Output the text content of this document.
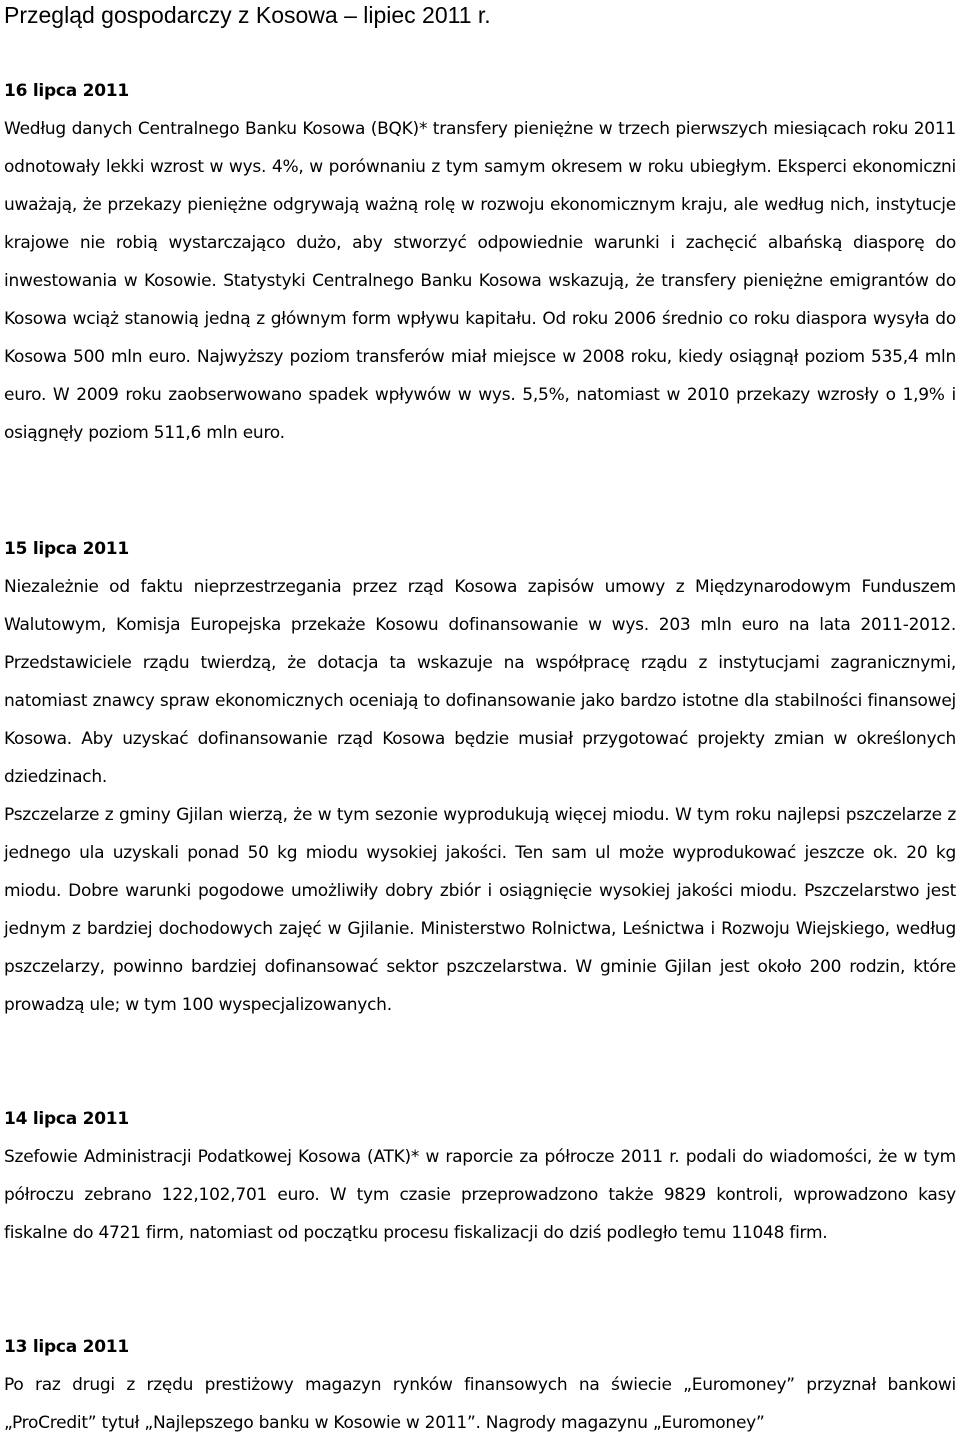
Przegląd gospodarczy z Kosowa – lipiec 2011 r.

16 lipca 2011

Według danych Centralnego Banku Kosowa (BQK)* transfery pieniężne w trzech pierwszych miesiącach roku 2011 odnotowały lekki wzrost w wys. 4%, w porównaniu z tym samym okresem w roku ubiegłym. Eksperci ekonomiczni uważają, że przekazy pieniężne odgrywają ważną rolę w rozwoju ekonomicznym kraju, ale według nich, instytucje krajowe nie robią wystarczająco dużo, aby stworzyć odpowiednie warunki i zachęcić albańską diasporę do inwestowania w Kosowie. Statystyki Centralnego Banku Kosowa wskazują, że transfery pieniężne emigrantów do Kosowa wciąż stanowią jedną z głównym form wpływu kapitału. Od roku 2006 średnio co roku diaspora wysyła do Kosowa 500 mln euro. Najwyższy poziom transferów miał miejsce w 2008 roku, kiedy osiągnął poziom 535,4 mln euro. W 2009 roku zaobserwowano spadek wpływów w wys. 5,5%, natomiast w 2010 przekazy wzrosły o 1,9% i osiągnęły poziom 511,6 mln euro.

15 lipca 2011

Niezależnie od faktu nieprzestrzegania przez rząd Kosowa zapisów umowy z Międzynarodowym Funduszem Walutowym, Komisja Europejska przekaże Kosowu dofinansowanie w wys. 203 mln euro na lata 2011-2012. Przedstawiciele rządu twierdzą, że dotacja ta wskazuje na współpracę rządu z instytucjami zagranicznymi, natomiast znawcy spraw ekonomicznych oceniają to dofinansowanie jako bardzo istotne dla stabilności finansowej Kosowa. Aby uzyskać dofinansowanie rząd Kosowa będzie musiał przygotować projekty zmian w określonych dziedzinach.

Pszczelarze z gminy Gjilan wierzą, że w tym sezonie wyprodukują więcej miodu. W tym roku najlepsi pszczelarze z jednego ula uzyskali ponad 50 kg miodu wysokiej jakości. Ten sam ul może wyprodukować jeszcze ok. 20 kg miodu. Dobre warunki pogodowe umożliwiły dobry zbiór i osiągnięcie wysokiej jakości miodu. Pszczelarstwo jest jednym z bardziej dochodowych zajęć w Gjilanie. Ministerstwo Rolnictwa, Leśnictwa i Rozwoju Wiejskiego, według pszczelarzy, powinno bardziej dofinansować sektor pszczelarstwa. W gminie Gjilan jest około 200 rodzin, które prowadzą ule; w tym 100 wyspecjalizowanych.

14 lipca 2011

Szefowie Administracji Podatkowej Kosowa (ATK)* w raporcie za półrocze 2011 r. podali do wiadomości, że w tym półroczu zebrano 122,102,701 euro. W tym czasie przeprowadzono także 9829 kontroli, wprowadzono kasy fiskalne do 4721 firm, natomiast od początku procesu fiskalizacji do dziś podległo temu 11048 firm.

13 lipca 2011

Po raz drugi z rzędu prestiżowy magazyn rynków finansowych na świecie „Euromoney” przyznał bankowi „ProCredit” tytuł „Najlepszego banku w Kosowie w 2011”. Nagrody magazynu „Euromoney”
